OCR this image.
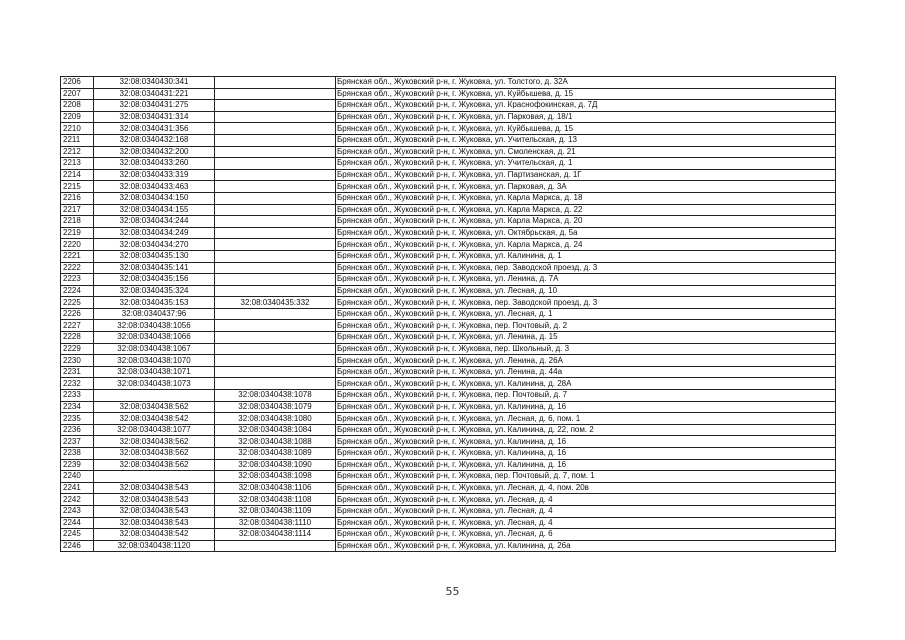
2206	32:08:0340430:341		Брянская обл., Жуковский р-н, г. Жуковка, ул. Толстого, д. 32А
2207	32:08:0340431:221		Брянская обл., Жуковский р-н, г. Жуковка, ул. Куйбышева, д. 15
2208	32:08:0340431:275		Брянская обл., Жуковский р-н, г. Жуковка, ул. Краснофокинская, д. 7Д
2209	32:08:0340431:314		Брянская обл., Жуковский р-н, г. Жуковка, ул. Парковая, д. 18/1
2210	32:08:0340431:356		Брянская обл., Жуковский р-н, г. Жуковка, ул. Куйбышева, д. 15
2211	32:08:0340432:168		Брянская обл., Жуковский р-н, г. Жуковка, ул. Учительская, д. 13
2212	32:08:0340432:200		Брянская обл., Жуковский р-н, г. Жуковка, ул. Смоленская, д. 21
2213	32:08:0340433:260		Брянская обл., Жуковский р-н, г. Жуковка, ул. Учительская, д. 1
2214	32:08:0340433:319		Брянская обл., Жуковский р-н, г. Жуковка, ул. Партизанская, д. 1Г
2215	32:08:0340433:463		Брянская обл., Жуковский р-н, г. Жуковка, ул. Парковая, д. 3А
2216	32:08:0340434:150		Брянская обл., Жуковский р-н, г. Жуковка, ул. Карла Маркса, д. 18
2217	32:08:0340434:155		Брянская обл., Жуковский р-н, г. Жуковка, ул. Карла Маркса, д. 22
2218	32:08:0340434:244		Брянская обл., Жуковский р-н, г. Жуковка, ул. Карла Маркса, д. 20
2219	32:08:0340434:249		Брянская обл., Жуковский р-н, г. Жуковка, ул. Октябрьская, д. 5а
2220	32:08:0340434:270		Брянская обл., Жуковский р-н, г. Жуковка, ул. Карла Маркса, д. 24
2221	32:08:0340435:130		Брянская обл., Жуковский р-н, г. Жуковка, ул. Калинина, д. 1
2222	32:08:0340435:141		Брянская обл., Жуковский р-н, г. Жуковка, пер. Заводской проезд, д. 3
2223	32:08:0340435:156		Брянская обл., Жуковский р-н, г. Жуковка, ул. Ленина, д. 7А
2224	32:08:0340435:324		Брянская обл., Жуковский р-н, г. Жуковка, ул. Лесная, д. 10
2225	32:08:0340435:153	32:08:0340435:332	Брянская обл., Жуковский р-н, г. Жуковка, пер. Заводской проезд, д. 3
2226	32:08:0340437:96		Брянская обл., Жуковский р-н, г. Жуковка, ул. Лесная, д. 1
2227	32:08:0340438:1056		Брянская обл., Жуковский р-н, г. Жуковка, пер. Почтовый, д. 2
2228	32:08:0340438:1066		Брянская обл., Жуковский р-н, г. Жуковка, ул. Ленина, д. 15
2229	32:08:0340438:1067		Брянская обл., Жуковский р-н, г. Жуковка, пер. Школьный, д. 3
2230	32:08:0340438:1070		Брянская обл., Жуковский р-н, г. Жуковка, ул. Ленина, д. 26А
2231	32:08:0340438:1071		Брянская обл., Жуковский р-н, г. Жуковка, ул. Ленина, д. 44а
2232	32:08:0340438:1073		Брянская обл., Жуковский р-н, г. Жуковка, ул. Калинина, д. 28А
2233		32:08:0340438:1078	Брянская обл., Жуковский р-н, г. Жуковка, пер. Почтовый, д. 7
2234	32:08:0340438:562	32:08:0340438:1079	Брянская обл., Жуковский р-н, г. Жуковка, ул. Калинина, д. 16
2235	32:08:0340438:542	32:08:0340438:1080	Брянская обл., Жуковский р-н, г. Жуковка, ул. Лесная, д. 6, пом. 1
2236	32:08:0340438:1077	32:08:0340438:1084	Брянская обл., Жуковский р-н, г. Жуковка, ул. Калинина, д. 22, пом. 2
2237	32:08:0340438:562	32:08:0340438:1088	Брянская обл., Жуковский р-н, г. Жуковка, ул. Калинина, д. 16
2238	32:08:0340438:562	32:08:0340438:1089	Брянская обл., Жуковский р-н, г. Жуковка, ул. Калинина, д. 16
2239	32:08:0340438:562	32:08:0340438:1090	Брянская обл., Жуковский р-н, г. Жуковка, ул. Калинина, д. 16
2240		32:08:0340438:1098	Брянская обл., Жуковский р-н, г. Жуковка, пер. Почтовый, д. 7, пом. 1
2241	32:08:0340438:543	32:08:0340438:1106	Брянская обл., Жуковский р-н, г. Жуковка, ул. Лесная, д. 4, пом. 20в
2242	32:08:0340438:543	32:08:0340438:1108	Брянская обл., Жуковский р-н, г. Жуковка, ул. Лесная, д. 4
2243	32:08:0340438:543	32:08:0340438:1109	Брянская обл., Жуковский р-н, г. Жуковка, ул. Лесная, д. 4
2244	32:08:0340438:543	32:08:0340438:1110	Брянская обл., Жуковский р-н, г. Жуковка, ул. Лесная, д. 4
2245	32:08:0340438:542	32:08:0340438:1114	Брянская обл., Жуковский р-н, г. Жуковка, ул. Лесная, д. 6
2246	32:08:0340438:1120		Брянская обл., Жуковский р-н, г. Жуковка, ул. Калинина, д. 26а
55
